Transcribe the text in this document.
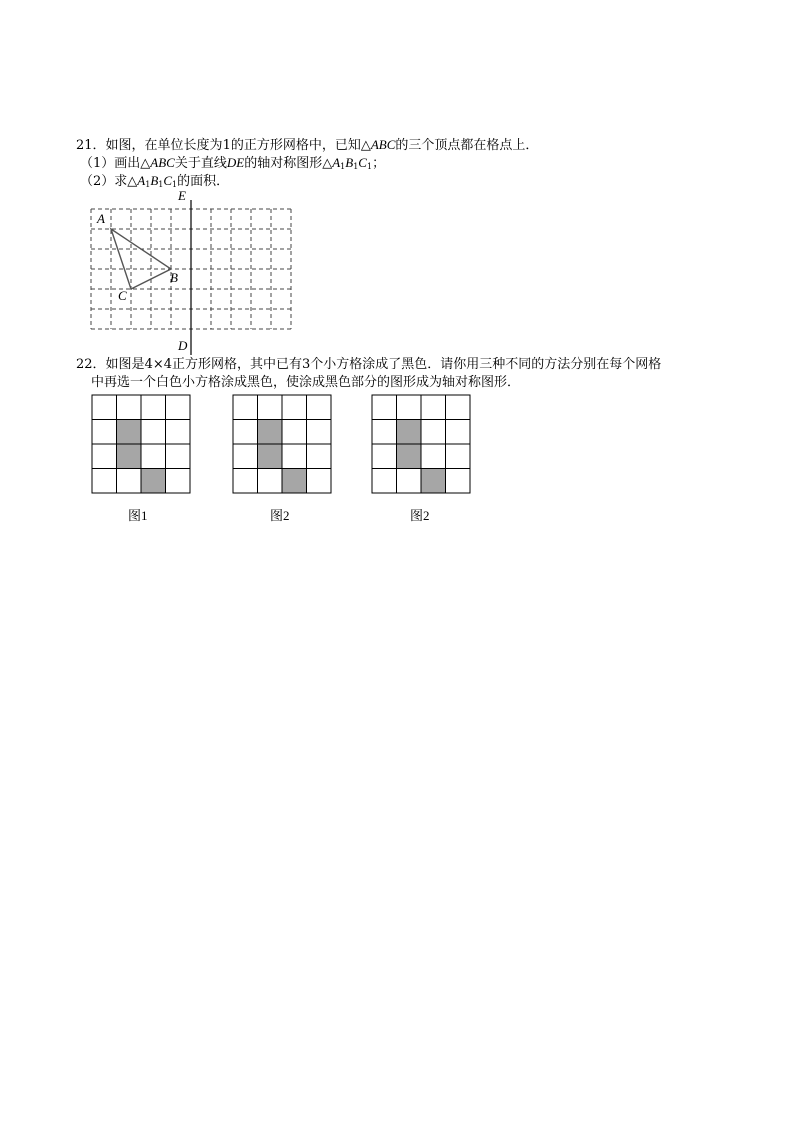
21．如图，在单位长度为1的正方形网格中，已知△ABC的三个顶点都在格点上．
（1）画出△ABC关于直线DE的轴对称图形$\triangle A_1B_1C_1$；
（2）求$\triangle A_1B_1C_1$的面积．
E
D
A
B
C
22．如图是4×4正方形网格，其中已有3个小方格涂成了黑色．请你用三种不同的方法分别在每个网格
中再选一个白色小方格涂成黑色，使涂成黑色部分的图形成为轴对称图形．
图1	图2	图2
